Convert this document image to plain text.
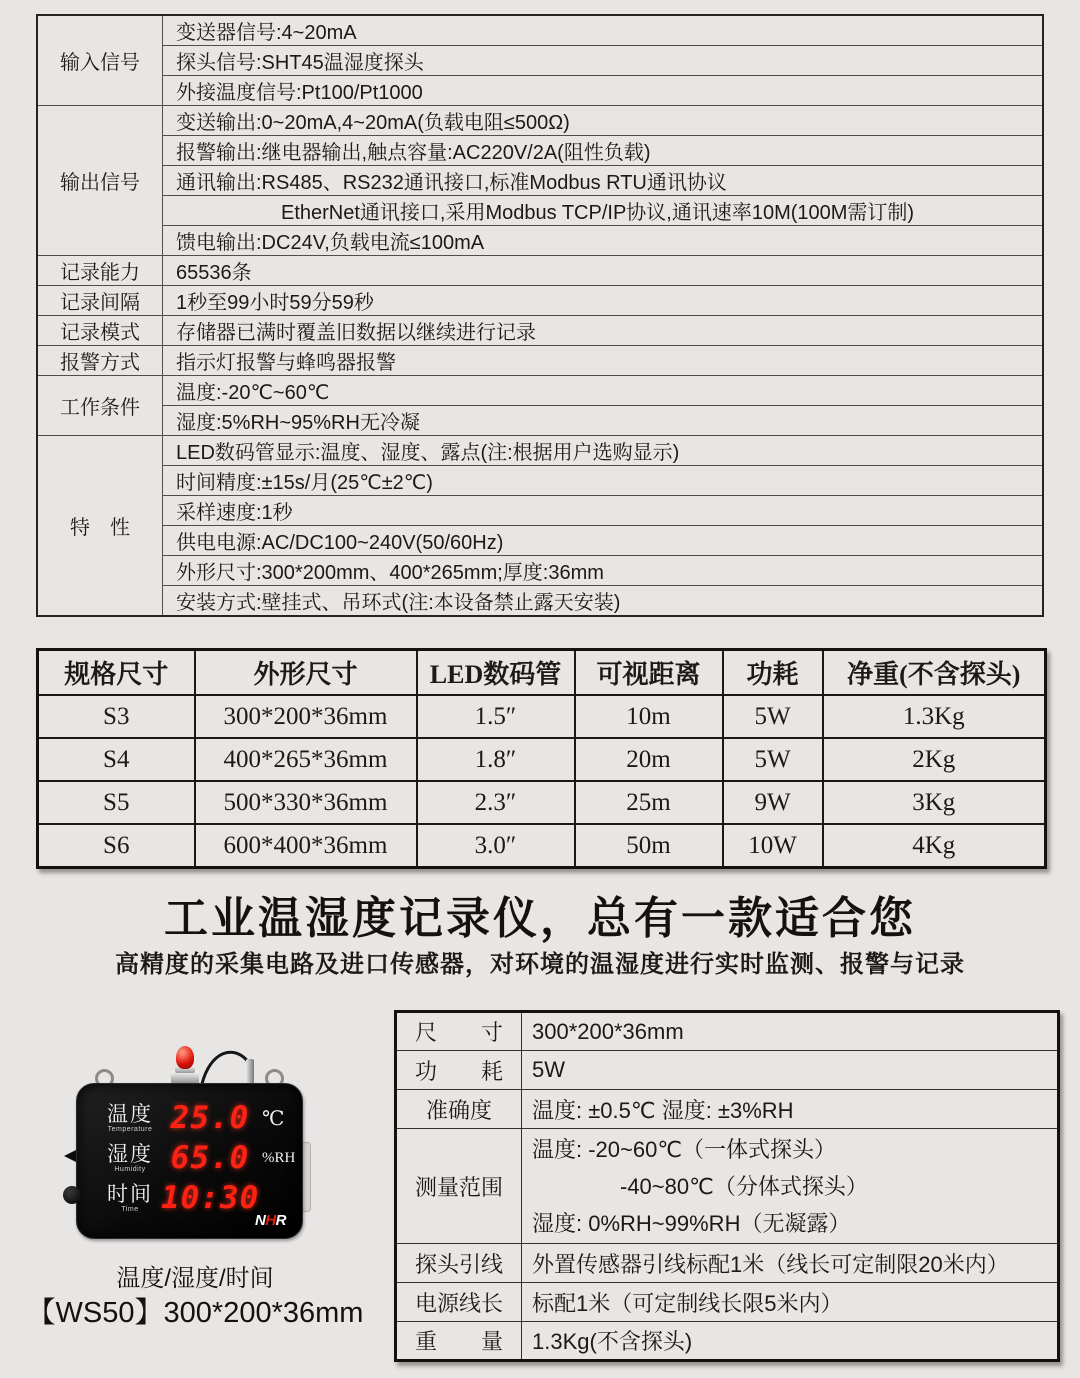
输入信号	变送器信号:4~20mA
	探头信号:SHT45温湿度探头
	外接温度信号:Pt100/Pt1000
输出信号	变送输出:0~20mA,4~20mA(负载电阻≤500Ω)
	报警输出:继电器输出,触点容量:AC220V/2A(阻性负载)
	通讯输出:RS485、RS232通讯接口,标准Modbus RTU通讯协议
	EtherNet通讯接口,采用Modbus TCP/IP协议,通讯速率10M(100M需订制)
	馈电输出:DC24V,负载电流≤100mA
记录能力	65536条
记录间隔	1秒至99小时59分59秒
记录模式	存储器已满时覆盖旧数据以继续进行记录
报警方式	指示灯报警与蜂鸣器报警
工作条件	温度:-20℃~60℃
	湿度:5%RH~95%RH无冷凝
特　性	LED数码管显示:温度、湿度、露点(注:根据用户选购显示)
	时间精度:±15s/月(25℃±2℃)
	采样速度:1秒
	供电电源:AC/DC100~240V(50/60Hz)
	外形尺寸:300*200mm、400*265mm;厚度:36mm
	安装方式:壁挂式、吊环式(注:本设备禁止露天安装)
规格尺寸	外形尺寸	LED数码管	可视距离	功耗	净重(不含探头)
S3	300*200*36mm	1.5″	10m	5W	1.3Kg
S4	400*265*36mm	1.8″	20m	5W	2Kg
S5	500*330*36mm	2.3″	25m	9W	3Kg
S6	600*400*36mm	3.0″	50m	10W	4Kg
工业温湿度记录仪，总有一款适合您
高精度的采集电路及进口传感器，对环境的温湿度进行实时监测、报警与记录
温度
Temperature 25.0 ℃
湿度
Humidity 65.0 %RH
时间
Time 10:30
NHR
温度/湿度/时间
【WS50】300*200*36mm
尺　　寸	300*200*36mm
功　　耗	5W
准确度	温度: ±0.5℃ 湿度: ±3%RH
测量范围	温度: -20~60℃（一体式探头）
-40~80℃（分体式探头）
湿度: 0%RH~99%RH（无凝露）

探头引线	外置传感器引线标配1米（线长可定制限20米内）
电源线长	标配1米（可定制线长限5米内）
重　　量	1.3Kg(不含探头)
